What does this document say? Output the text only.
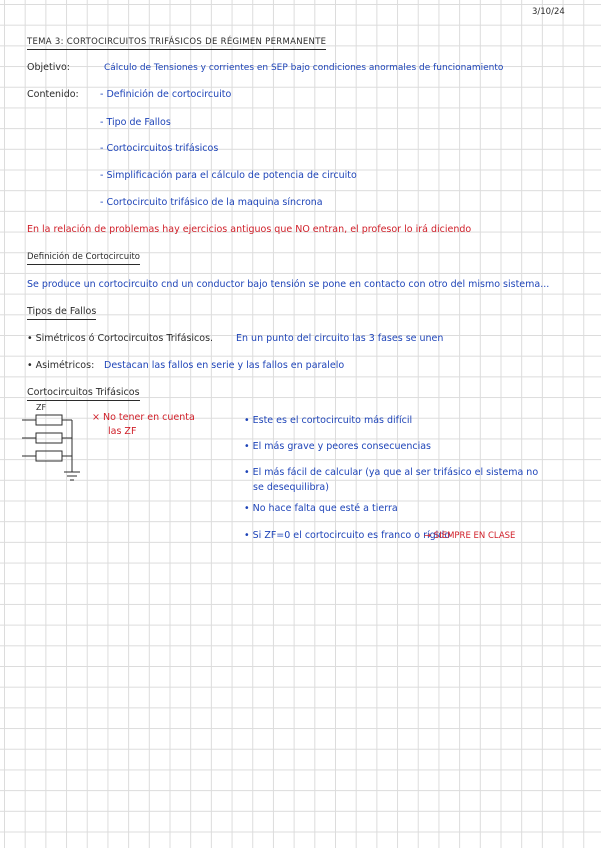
3/10/24
TEMA 3: CORTOCIRCUITOS TRIFÁSICOS DE RÉGIMEN PERMANENTE
Objetivo:	Cálculo de Tensiones y corrientes en SEP bajo condiciones anormales de funcionamiento
Contenido: - Definición de cortocircuito
- Tipo de Fallos
- Cortocircuitos trifásicos
- Simplificación para el cálculo de potencia de circuito
- Cortocircuito trifásico de la maquina síncrona
En la relación de problemas hay ejercicios antiguos que NO entran, el profesor lo irá diciendo
Definición de Cortocircuito
Se produce un cortocircuito cnd un conductor bajo tensión se pone en contacto con otro del mismo sistema...
Tipos de Fallos
• Simétricos ó Cortocircuitos Trifásicos. En un punto del circuito las 3 fases se unen
• Asimétricos: Destacan las fallos en serie y las fallos en paralelo
Cortocircuitos Trifásicos
ZF
× No tener en cuenta
las ZF
• Este es el cortocircuito más difícil
• El más grave y peores consecuencias
• El más fácil de calcular (ya que al ser trifásico el sistema no
se desequilibra)
• No hace falta que esté a tierra
• Si ZF=0 el cortocircuito es franco o rígido
→ SIEMPRE EN CLASE
